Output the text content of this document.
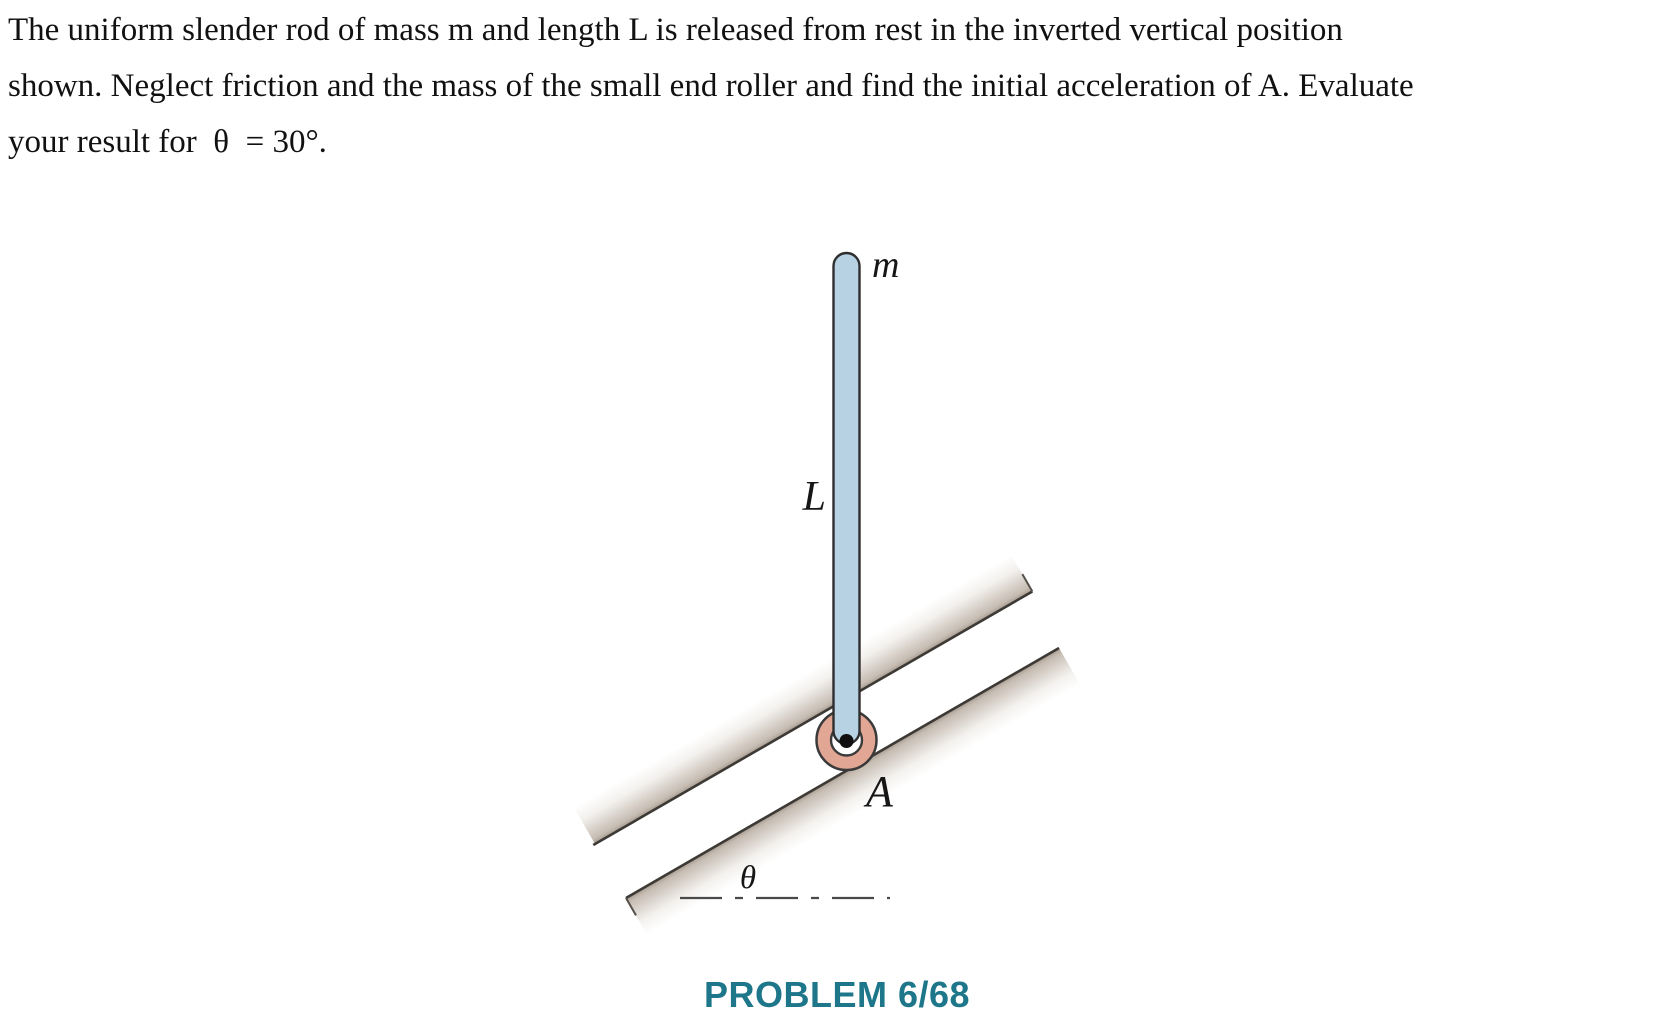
The uniform slender rod of mass m and length L is released from rest in the inverted vertical position
shown. Neglect friction and the mass of the small end roller and find the initial acceleration of A. Evaluate
your result for  θ  = 30°.
m
L
A
θ
PROBLEM 6/68
